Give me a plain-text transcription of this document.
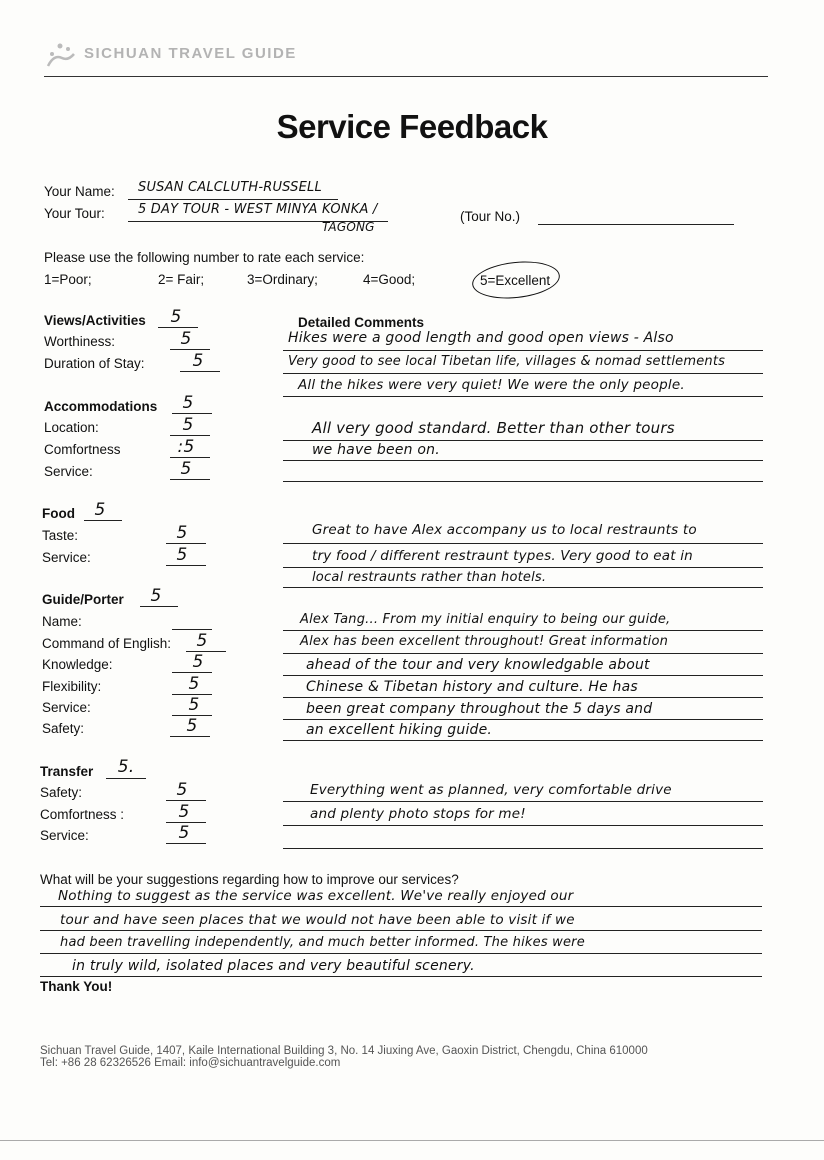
SICHUAN TRAVEL GUIDE
Service Feedback
Your Name: SUSAN CALCLUTH-RUSSELL
Your Tour:	5 DAY TOUR - WEST MINYA KONKA /
TAGONG
(Tour No.)
Please use the following number to rate each service:
1=Poor;	2= Fair;	3=Ordinary;	4=Good;	5=Excellent
Detailed Comments
Views/Activities	5
Worthiness:	5
Duration of Stay:	5
Hikes were a good length and good open views - Also
Very good to see local Tibetan life, villages & nomad settlements
All the hikes were very quiet! We were the only people.
Accommodations	5
Location:	5
Comfortness	:5
Service:	5
All very good standard. Better than other tours
we have been on.
Food	5
Taste:	5
Service:	5
Great to have Alex accompany us to local restraunts to
try food / different restraunt types. Very good to eat in
local restraunts rather than hotels.
Guide/Porter	5
Name:
Command of English:	5
Knowledge:	5
Flexibility:	5
Service:	5
Safety:	5
Alex Tang... From my initial enquiry to being our guide,
Alex has been excellent throughout! Great information
ahead of the tour and very knowledgable about
Chinese & Tibetan history and culture. He has
been great company throughout the 5 days and
an excellent hiking guide.
Transfer	5.
Safety:	5
Comfortness :	5
Service:	5
Everything went as planned, very comfortable drive
and plenty photo stops for me!
What will be your suggestions regarding how to improve our services?
Nothing to suggest as the service was excellent. We've really enjoyed our
tour and have seen places that we would not have been able to visit if we
had been travelling independently, and much better informed. The hikes were
in truly wild, isolated places and very beautiful scenery.
Thank You!
Sichuan Travel Guide, 1407, Kaile International Building 3, No. 14 Jiuxing Ave, Gaoxin District, Chengdu, China 610000
Tel: +86 28 62326526 Email: info@sichuantravelguide.com
